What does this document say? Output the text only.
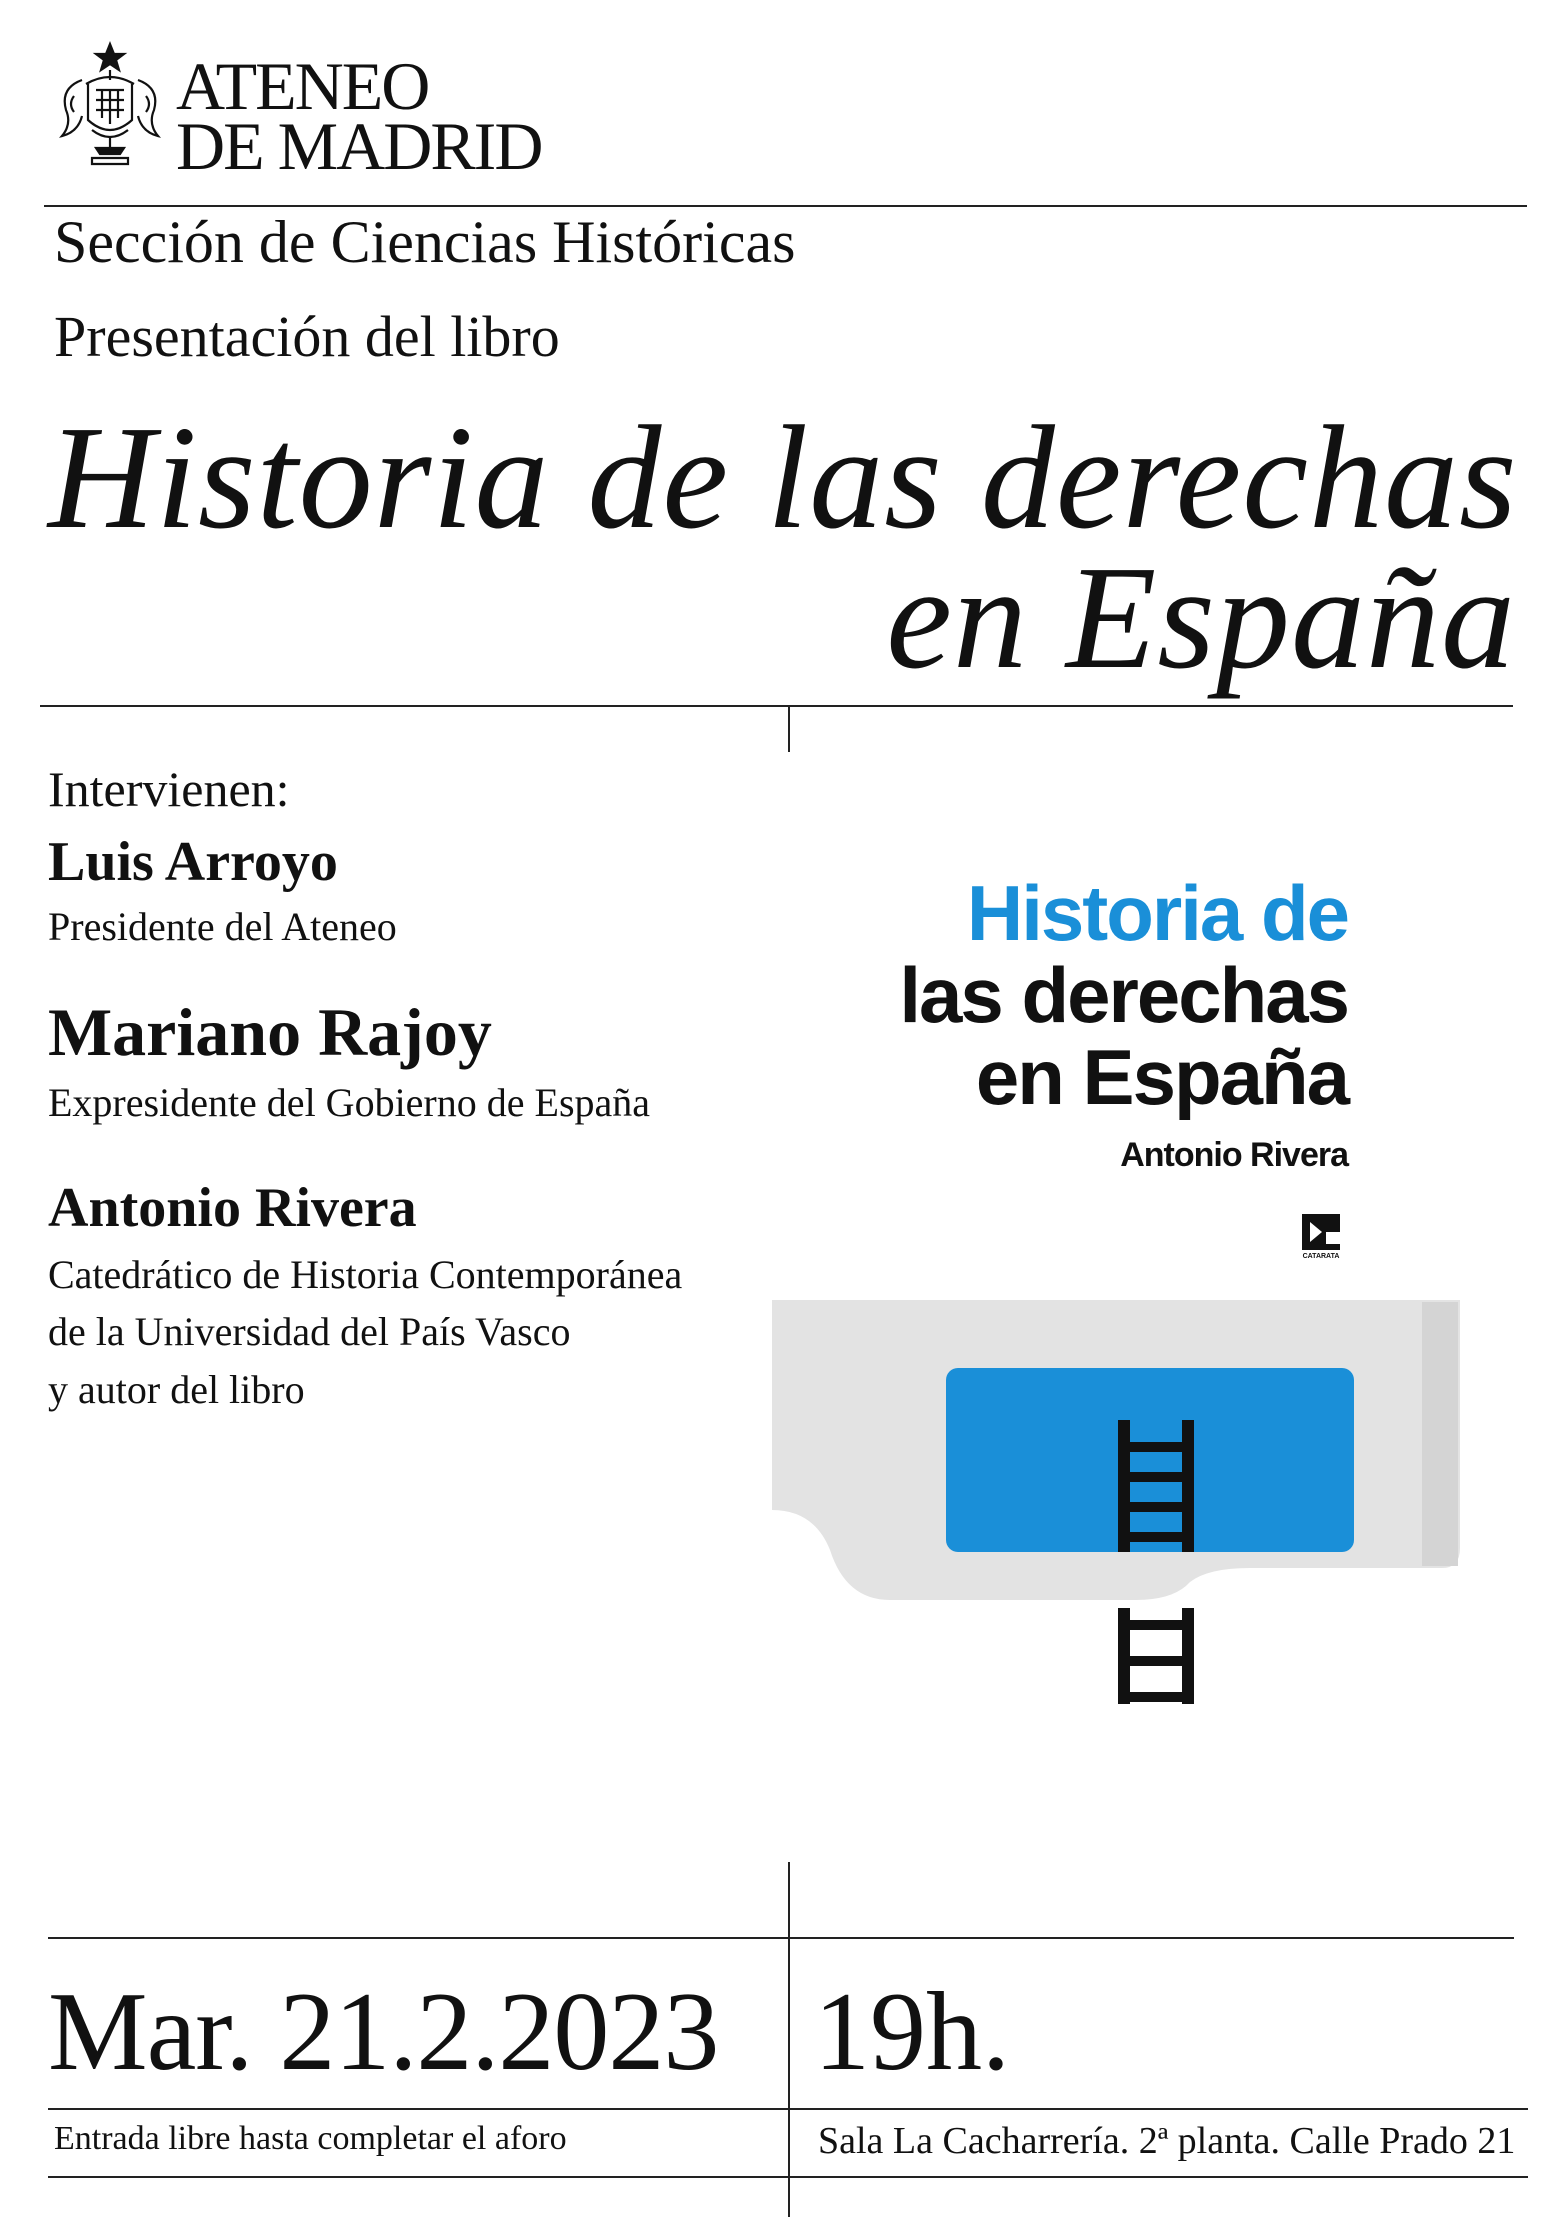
ATENEO
DE MADRID
Sección de Ciencias Históricas
Presentación del libro
Historia de las derechas
en España
Intervienen:
Luis Arroyo
Presidente del Ateneo
Mariano Rajoy
Expresidente del Gobierno de España
Antonio Rivera
Catedrático de Historia Contemporánea
de la Universidad del País Vasco
y autor del libro
Historia de
las derechas
en España
Antonio Rivera
CATARATA
Mar. 21.2.2023 19h.
Entrada libre hasta completar el aforo	Sala La Cacharrería. 2ª planta. Calle Prado 21
